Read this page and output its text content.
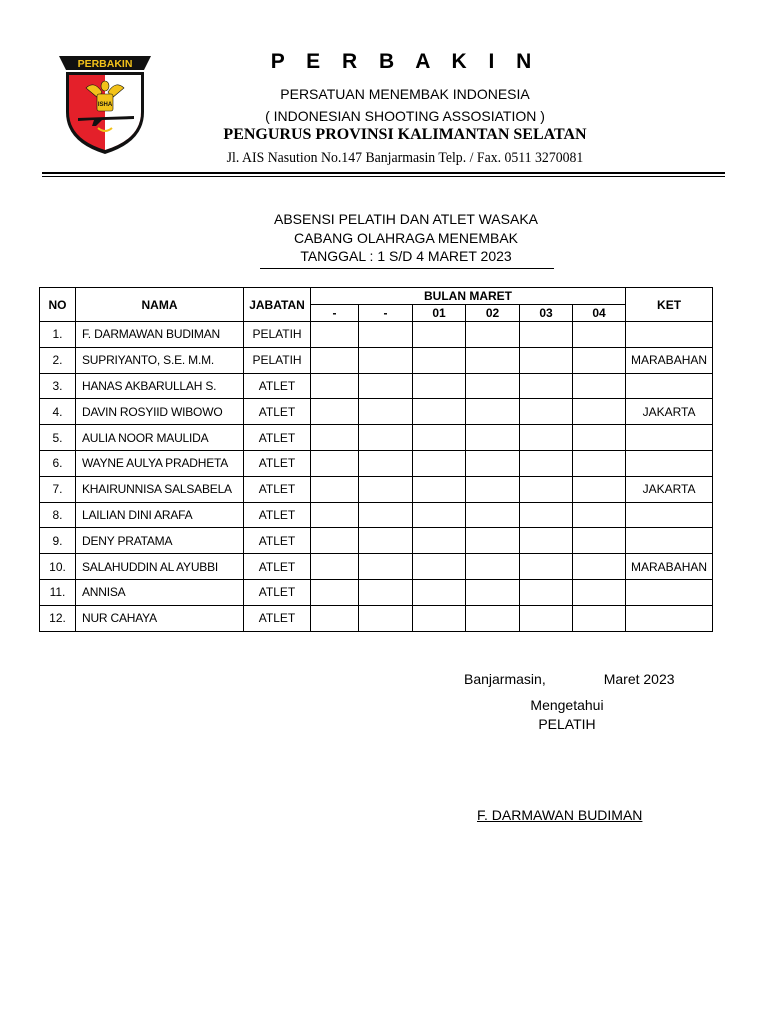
PERBAKIN
ISHA
P E R B A K I N
PERSATUAN MENEMBAK INDONESIA
( INDONESIAN SHOOTING ASSOSIATION )
PENGURUS PROVINSI KALIMANTAN SELATAN
Jl. AIS Nasution No.147 Banjarmasin Telp. / Fax. 0511 3270081
ABSENSI PELATIH DAN ATLET WASAKA
CABANG OLAHRAGA MENEMBAK
TANGGAL : 1 S/D 4 MARET 2023
NO	NAMA	JABATAN	BULAN MARET						KET
			-	-	01	02	03	04	
1.	F. DARMAWAN BUDIMAN	PELATIH							
2.	SUPRIYANTO, S.E. M.M.	PELATIH							MARABAHAN
3.	HANAS AKBARULLAH S.	ATLET							
4.	DAVIN ROSYIID WIBOWO	ATLET							JAKARTA
5.	AULIA NOOR MAULIDA	ATLET							
6.	WAYNE AULYA PRADHETA	ATLET							
7.	KHAIRUNNISA SALSABELA	ATLET							JAKARTA
8.	LAILIAN DINI ARAFA	ATLET							
9.	DENY PRATAMA	ATLET							
10.	SALAHUDDIN AL AYUBBI	ATLET							MARABAHAN
11.	ANNISA	ATLET							
12.	NUR CAHAYA	ATLET							
Banjarmasin,	Maret 2023
Mengetahui
PELATIH
F. DARMAWAN BUDIMAN
